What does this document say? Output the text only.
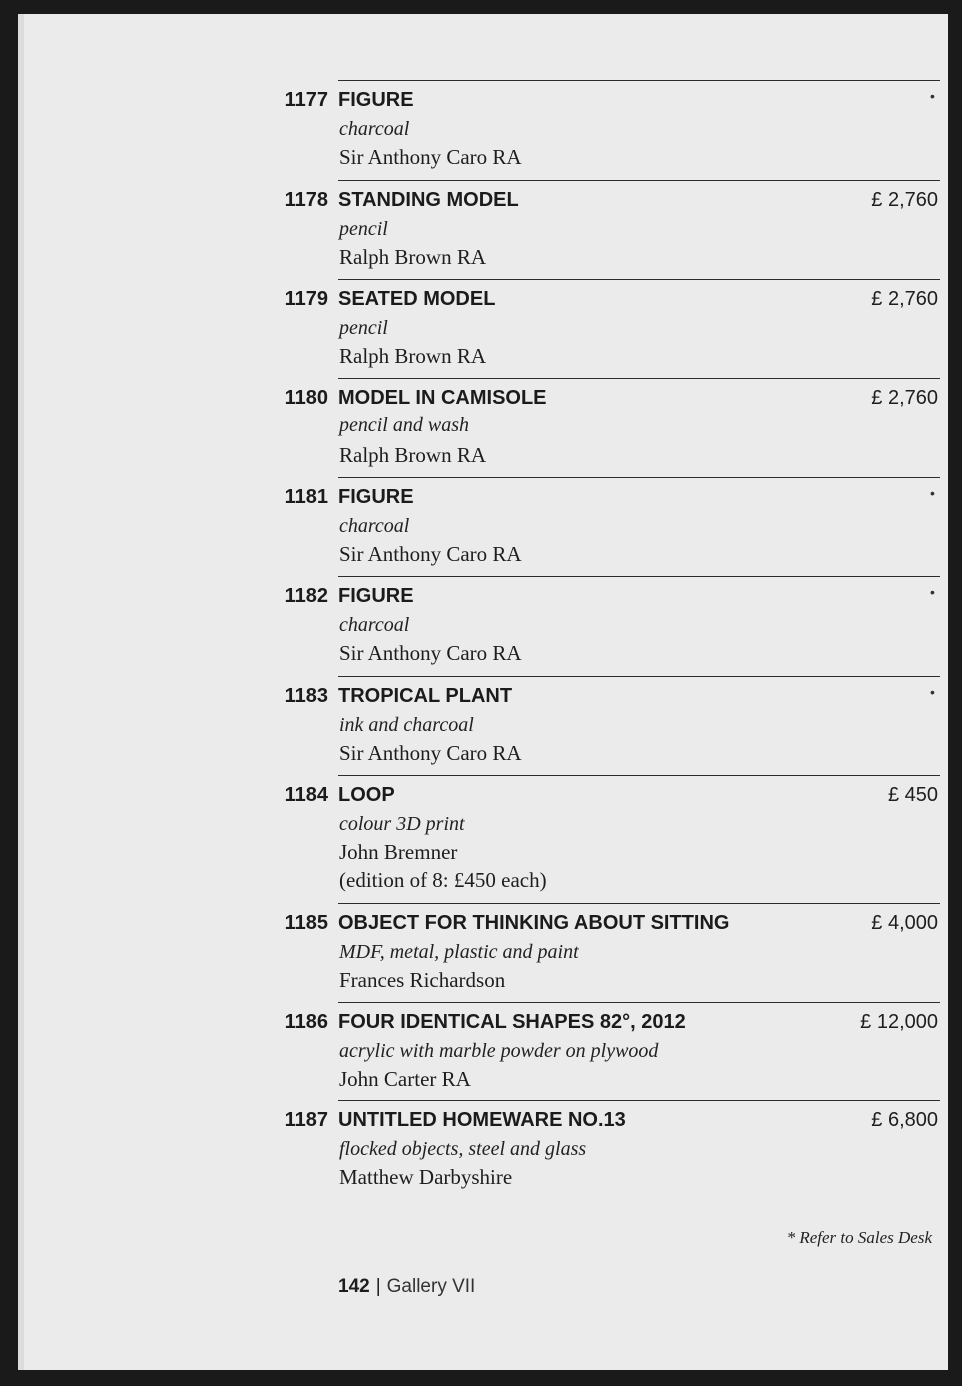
1177 FIGURE
charcoal
Sir Anthony Caro RA
•
1178 STANDING MODEL
pencil
Ralph Brown RA
£ 2,760
1179 SEATED MODEL
pencil
Ralph Brown RA
£ 2,760
1180 MODEL IN CAMISOLE
pencil and wash
Ralph Brown RA
£ 2,760
1181 FIGURE
charcoal
Sir Anthony Caro RA
•
1182 FIGURE
charcoal
Sir Anthony Caro RA
•
1183 TROPICAL PLANT
ink and charcoal
Sir Anthony Caro RA
•
1184 LOOP
colour 3D print
John Bremner
(edition of 8: £450 each)
£ 450
1185 OBJECT FOR THINKING ABOUT SITTING
MDF, metal, plastic and paint
Frances Richardson
£ 4,000
1186 FOUR IDENTICAL SHAPES 82°, 2012
acrylic with marble powder on plywood
John Carter RA
£ 12,000
1187 UNTITLED HOMEWARE NO.13
flocked objects, steel and glass
Matthew Darbyshire
£ 6,800
* Refer to Sales Desk
142 | Gallery VII
